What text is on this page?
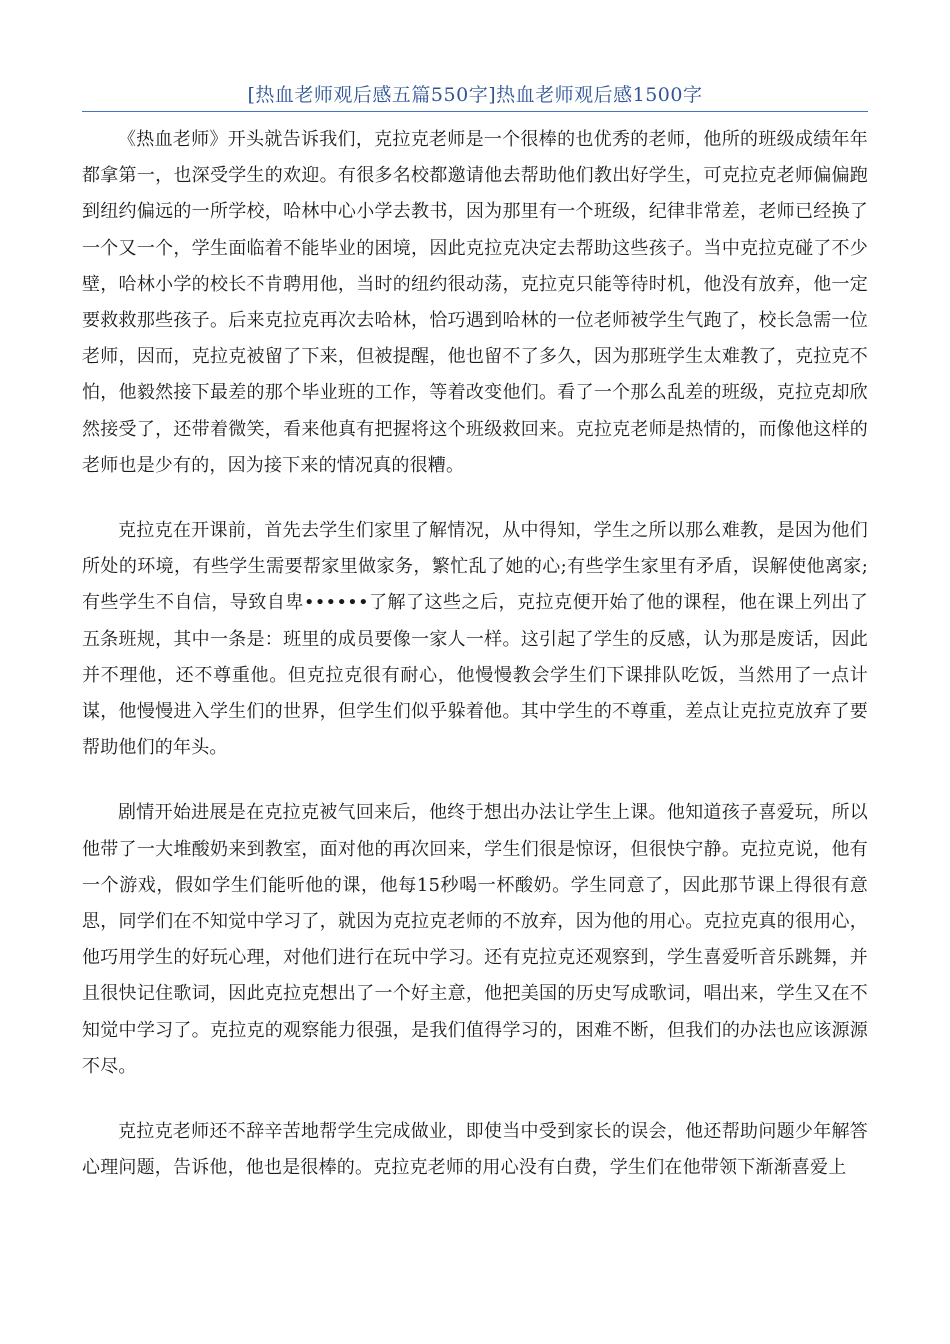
[热血老师观后感五篇550字]热血老师观后感1500字

《热血老师》开头就告诉我们，克拉克老师是一个很棒的也优秀的老师，他所的班级成绩年年都拿第一，也深受学生的欢迎。有很多名校都邀请他去帮助他们教出好学生，可克拉克老师偏偏跑到纽约偏远的一所学校，哈林中心小学去教书，因为那里有一个班级，纪律非常差，老师已经换了一个又一个，学生面临着不能毕业的困境，因此克拉克决定去帮助这些孩子。当中克拉克碰了不少壁，哈林小学的校长不肯聘用他，当时的纽约很动荡，克拉克只能等待时机，他没有放弃，他一定要救救那些孩子。后来克拉克再次去哈林，恰巧遇到哈林的一位老师被学生气跑了，校长急需一位老师，因而，克拉克被留了下来，但被提醒，他也留不了多久，因为那班学生太难教了，克拉克不怕，他毅然接下最差的那个毕业班的工作，等着改变他们。看了一个那么乱差的班级，克拉克却欣然接受了，还带着微笑，看来他真有把握将这个班级救回来。克拉克老师是热情的，而像他这样的老师也是少有的，因为接下来的情况真的很糟。

克拉克在开课前，首先去学生们家里了解情况，从中得知，学生之所以那么难教，是因为他们所处的环境，有些学生需要帮家里做家务，繁忙乱了她的心;有些学生家里有矛盾，误解使他离家;有些学生不自信，导致自卑••••••了解了这些之后，克拉克便开始了他的课程，他在课上列出了五条班规，其中一条是：班里的成员要像一家人一样。这引起了学生的反感，认为那是废话，因此并不理他，还不尊重他。但克拉克很有耐心，他慢慢教会学生们下课排队吃饭，当然用了一点计谋，他慢慢进入学生们的世界，但学生们似乎躲着他。其中学生的不尊重，差点让克拉克放弃了要帮助他们的年头。

剧情开始进展是在克拉克被气回来后，他终于想出办法让学生上课。他知道孩子喜爱玩，所以他带了一大堆酸奶来到教室，面对他的再次回来，学生们很是惊讶，但很快宁静。克拉克说，他有一个游戏，假如学生们能听他的课，他每15秒喝一杯酸奶。学生同意了，因此那节课上得很有意思，同学们在不知觉中学习了，就因为克拉克老师的不放弃，因为他的用心。克拉克真的很用心，他巧用学生的好玩心理，对他们进行在玩中学习。还有克拉克还观察到，学生喜爱听音乐跳舞，并且很快记住歌词，因此克拉克想出了一个好主意，他把美国的历史写成歌词，唱出来，学生又在不知觉中学习了。克拉克的观察能力很强，是我们值得学习的，困难不断，但我们的办法也应该源源不尽。

克拉克老师还不辞辛苦地帮学生完成做业，即使当中受到家长的误会，他还帮助问题少年解答心理问题，告诉他，他也是很棒的。克拉克老师的用心没有白费，学生们在他带领下渐渐喜爱上
